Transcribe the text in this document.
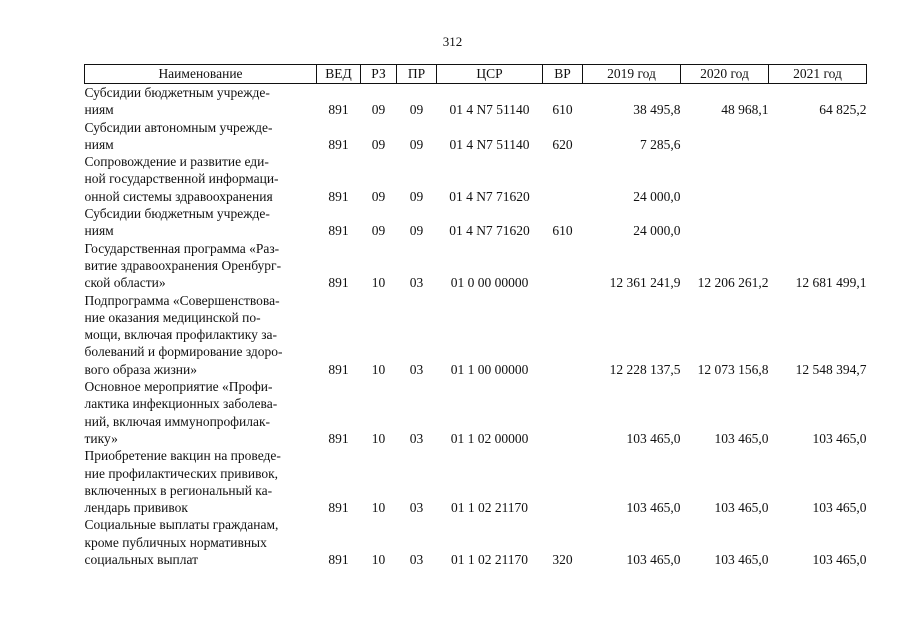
312
Наименование	ВЕД	РЗ	ПР	ЦСР	ВР	2019 год	2020 год	2021 год

Субсидии бюджетным учрежде-
ниям	891	09	09	01 4 N7 51140	610	38 495,8	48 968,1	64 825,2

Субсидии автономным учрежде-
ниям	891	09	09	01 4 N7 51140	620	7 285,6		

Сопровождение и развитие еди-
ной государственной информаци-
онной системы здравоохранения	891	09	09	01 4 N7 71620		24 000,0		

Субсидии бюджетным учрежде-
ниям	891	09	09	01 4 N7 71620	610	24 000,0		

Государственная программа «Раз-
витие здравоохранения Оренбург-
ской области»	891	10	03	01 0 00 00000		12 361 241,9	12 206 261,2	12 681 499,1

Подпрограмма «Совершенствова-
ние оказания медицинской по-
мощи, включая профилактику за-
болеваний и формирование здоро-
вого образа жизни»	891	10	03	01 1 00 00000		12 228 137,5	12 073 156,8	12 548 394,7

Основное мероприятие «Профи-
лактика инфекционных заболева-
ний, включая иммунопрофилак-
тику»	891	10	03	01 1 02 00000		103 465,0	103 465,0	103 465,0

Приобретение вакцин на проведе-
ние профилактических прививок,
включенных в региональный ка-
лендарь прививок	891	10	03	01 1 02 21170		103 465,0	103 465,0	103 465,0

Социальные выплаты гражданам,
кроме публичных нормативных
социальных выплат	891	10	03	01 1 02 21170	320	103 465,0	103 465,0	103 465,0
